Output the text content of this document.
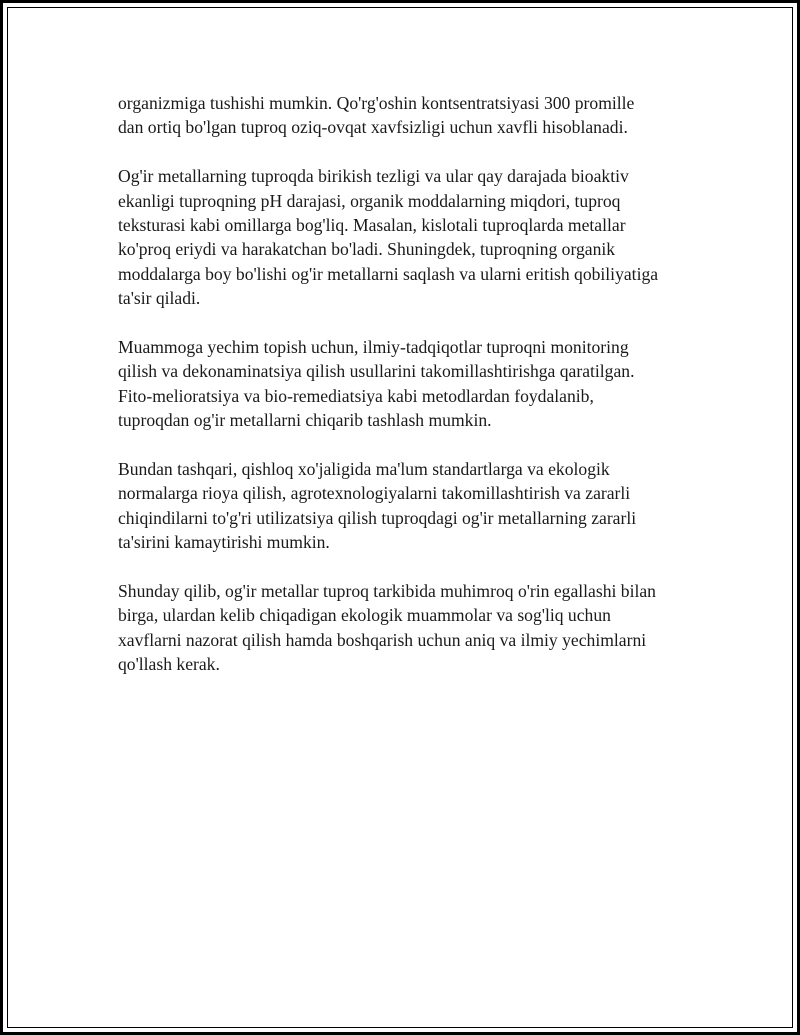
organizmiga tushishi mumkin. Qo'rg'oshin kontsentratsiyasi 300 promille
dan ortiq bo'lgan tuproq oziq-ovqat xavfsizligi uchun xavfli hisoblanadi.

Og'ir metallarning tuproqda birikish tezligi va ular qay darajada bioaktiv
ekanligi tuproqning pH darajasi, organik moddalarning miqdori, tuproq
teksturasi kabi omillarga bog'liq. Masalan, kislotali tuproqlarda metallar
ko'proq eriydi va harakatchan bo'ladi. Shuningdek, tuproqning organik
moddalarga boy bo'lishi og'ir metallarni saqlash va ularni eritish qobiliyatiga
ta'sir qiladi.

Muammoga yechim topish uchun, ilmiy-tadqiqotlar tuproqni monitoring
qilish va dekonaminatsiya qilish usullarini takomillashtirishga qaratilgan.
Fito-melioratsiya va bio-remediatsiya kabi metodlardan foydalanib,
tuproqdan og'ir metallarni chiqarib tashlash mumkin.

Bundan tashqari, qishloq xo'jaligida ma'lum standartlarga va ekologik
normalarga rioya qilish, agrotexnologiyalarni takomillashtirish va zararli
chiqindilarni to'g'ri utilizatsiya qilish tuproqdagi og'ir metallarning zararli
ta'sirini kamaytirishi mumkin.

Shunday qilib, og'ir metallar tuproq tarkibida muhimroq o'rin egallashi bilan
birga, ulardan kelib chiqadigan ekologik muammolar va sog'liq uchun
xavflarni nazorat qilish hamda boshqarish uchun aniq va ilmiy yechimlarni
qo'llash kerak.
